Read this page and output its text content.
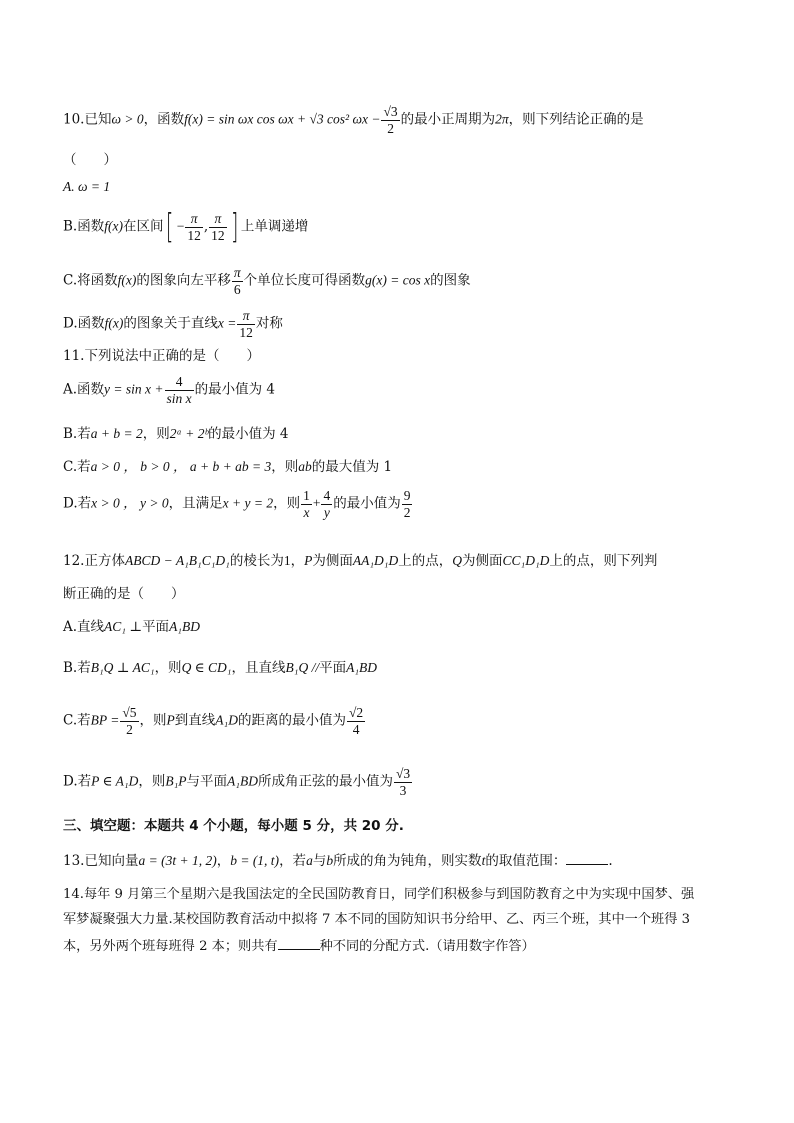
10.已知ω > 0，函数f(x) = sin ωx cos ωx + √3 cos² $\omega x - \frac{√3}{2}$ 的最小正周期为2π，则下列结论正确的是
（　　）
A. ω = 1
B.函数f(x)在区间[ − $\frac{\pi}{12}$ , $\frac{\pi}{12}$ ] 上单调递增
C.将函数f(x)的图象向左平移 $\frac{\pi}{6}$ 个单位长度可得函数g(x) = cos x的图象
D.函数f(x)的图象关于直线$x = \frac{\pi}{12}$ 对称
11.下列说法中正确的是（　　）
A.函数$y = \sin x + \frac{4}{\text{sin x}}$ 的最小值为 4
B.若a + b = 2，则2ᵃ + 2ᵇ的最小值为 4
C.若a > 0 ， b > 0 ， a + b + ab = 3，则ab的最大值为 1
D.若x > 0 ， y > 0，且满足x + y = 2，则 $\frac{1}{x} + \frac{4}{y}$ 的最小值为 $\frac{9}{2}$
12.正方体ABCD − A₁B₁C₁D₁的棱长为1，P为侧面AA₁D₁D上的点，Q为侧面CC₁D₁D上的点，则下列判
断正确的是（　　）
A.直线AC₁ ⊥平面A₁BD
B.若B₁Q ⊥ AC₁，则Q ∈ CD₁，且直线B₁Q //平面A₁BD
C.若BP = $\frac{√5}{2}$ ，则P到直线A₁D的距离的最小值为 $\frac{√2}{4}$
D.若P ∈ A₁D，则B₁P与平面A₁BD所成角正弦的最小值为 $\frac{√3}{3}$
三、填空题：本题共 4 个小题，每小题 5 分，共 20 分.
13.已知向量a = (3t + 1, 2)，b = (1, t)，若a与b所成的角为钝角，则实数t的取值范围：	.
14.每年 9 月第三个星期六是我国法定的全民国防教育日，同学们积极参与到国防教育之中为实现中国梦、强
军梦凝聚强大力量.某校国防教育活动中拟将 7 本不同的国防知识书分给甲、乙、丙三个班，其中一个班得 3
本，另外两个班每班得 2 本；则共有	种不同的分配方式.（请用数字作答）
